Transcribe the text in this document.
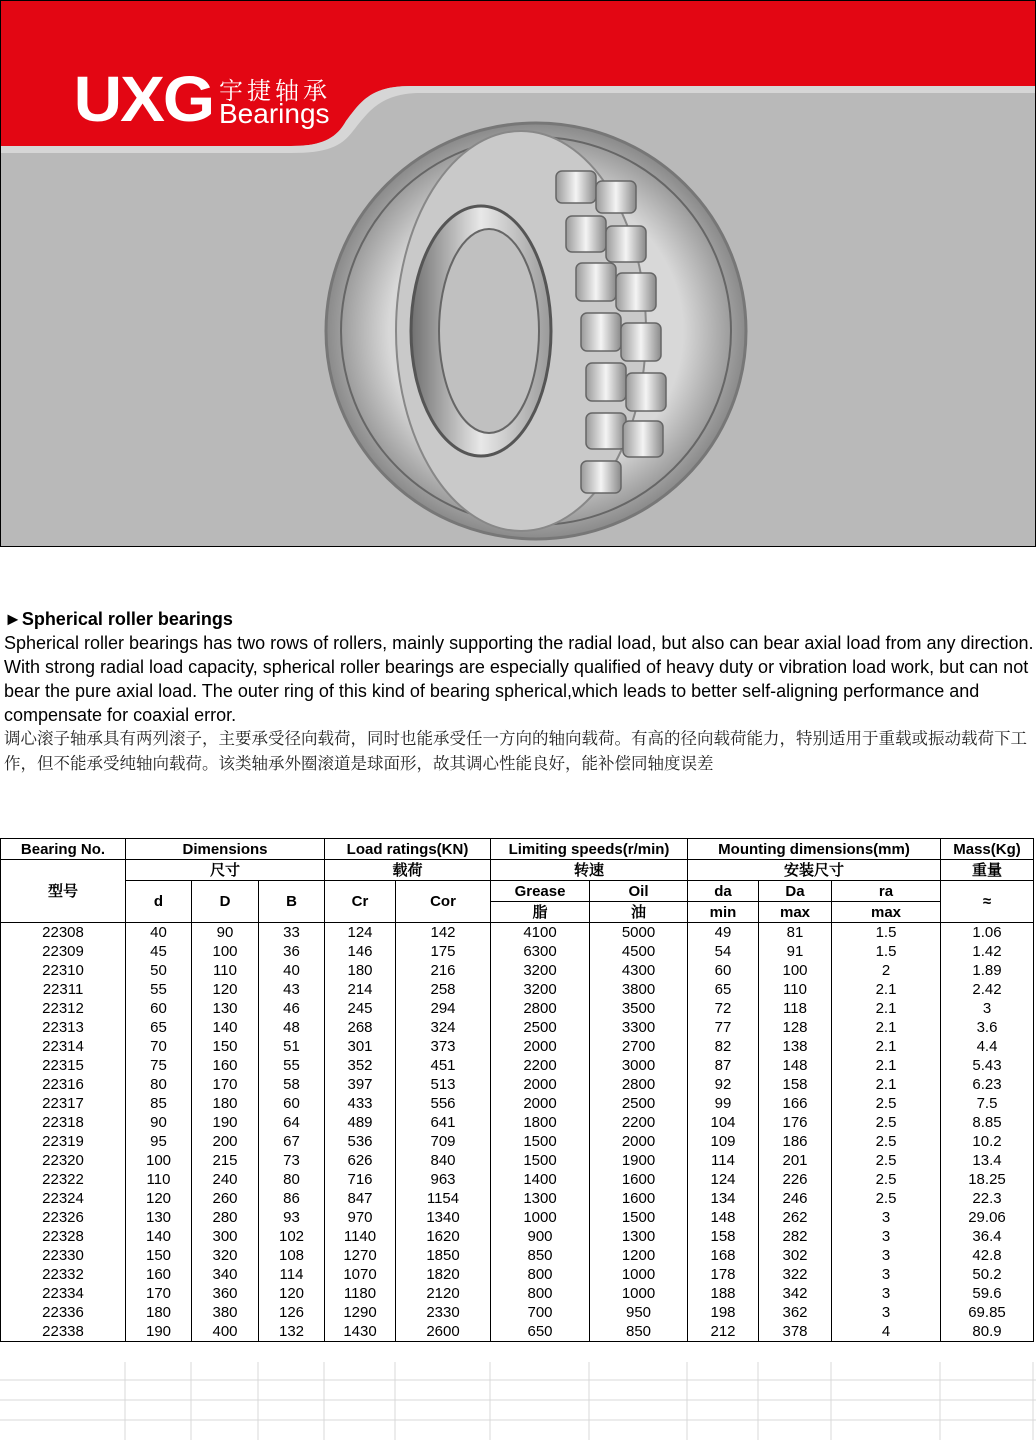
UXG 宇捷轴承
Bearings
►Spherical roller bearings
Spherical roller bearings has two rows of rollers, mainly supporting the radial load, but also can bear axial load from any direction. With strong radial load capacity, spherical roller bearings are especially qualified of heavy duty or vibration load work, but can not bear the pure axial load. The outer ring of this kind of bearing spherical,which leads to better self-aligning performance and compensate for coaxial error.
调心滚子轴承具有两列滚子，主要承受径向载荷，同时也能承受任一方向的轴向载荷。有高的径向载荷能力，特别适用于重载或振动载荷下工作，但不能承受纯轴向载荷。该类轴承外圈滚道是球面形，故其调心性能良好，能补偿同轴度误差
Bearing No.	Dimensions			Load ratings(KN)		Limiting speeds(r/min)		Mounting dimensions(mm)			Mass(Kg)
型号	尺寸			载荷		转速		安装尺寸			重量
	d	D	B	Cr	Cor	Grease	Oil	da	Da	ra	≈
						脂	油	min	max	max	
22308	40	90	33	124	142	4100	5000	49	81	1.5	1.06
22309	45	100	36	146	175	6300	4500	54	91	1.5	1.42
22310	50	110	40	180	216	3200	4300	60	100	2	1.89
22311	55	120	43	214	258	3200	3800	65	110	2.1	2.42
22312	60	130	46	245	294	2800	3500	72	118	2.1	3
22313	65	140	48	268	324	2500	3300	77	128	2.1	3.6
22314	70	150	51	301	373	2000	2700	82	138	2.1	4.4
22315	75	160	55	352	451	2200	3000	87	148	2.1	5.43
22316	80	170	58	397	513	2000	2800	92	158	2.1	6.23
22317	85	180	60	433	556	2000	2500	99	166	2.5	7.5
22318	90	190	64	489	641	1800	2200	104	176	2.5	8.85
22319	95	200	67	536	709	1500	2000	109	186	2.5	10.2
22320	100	215	73	626	840	1500	1900	114	201	2.5	13.4
22322	110	240	80	716	963	1400	1600	124	226	2.5	18.25
22324	120	260	86	847	1154	1300	1600	134	246	2.5	22.3
22326	130	280	93	970	1340	1000	1500	148	262	3	29.06
22328	140	300	102	1140	1620	900	1300	158	282	3	36.4
22330	150	320	108	1270	1850	850	1200	168	302	3	42.8
22332	160	340	114	1070	1820	800	1000	178	322	3	50.2
22334	170	360	120	1180	2120	800	1000	188	342	3	59.6
22336	180	380	126	1290	2330	700	950	198	362	3	69.85
22338	190	400	132	1430	2600	650	850	212	378	4	80.9
